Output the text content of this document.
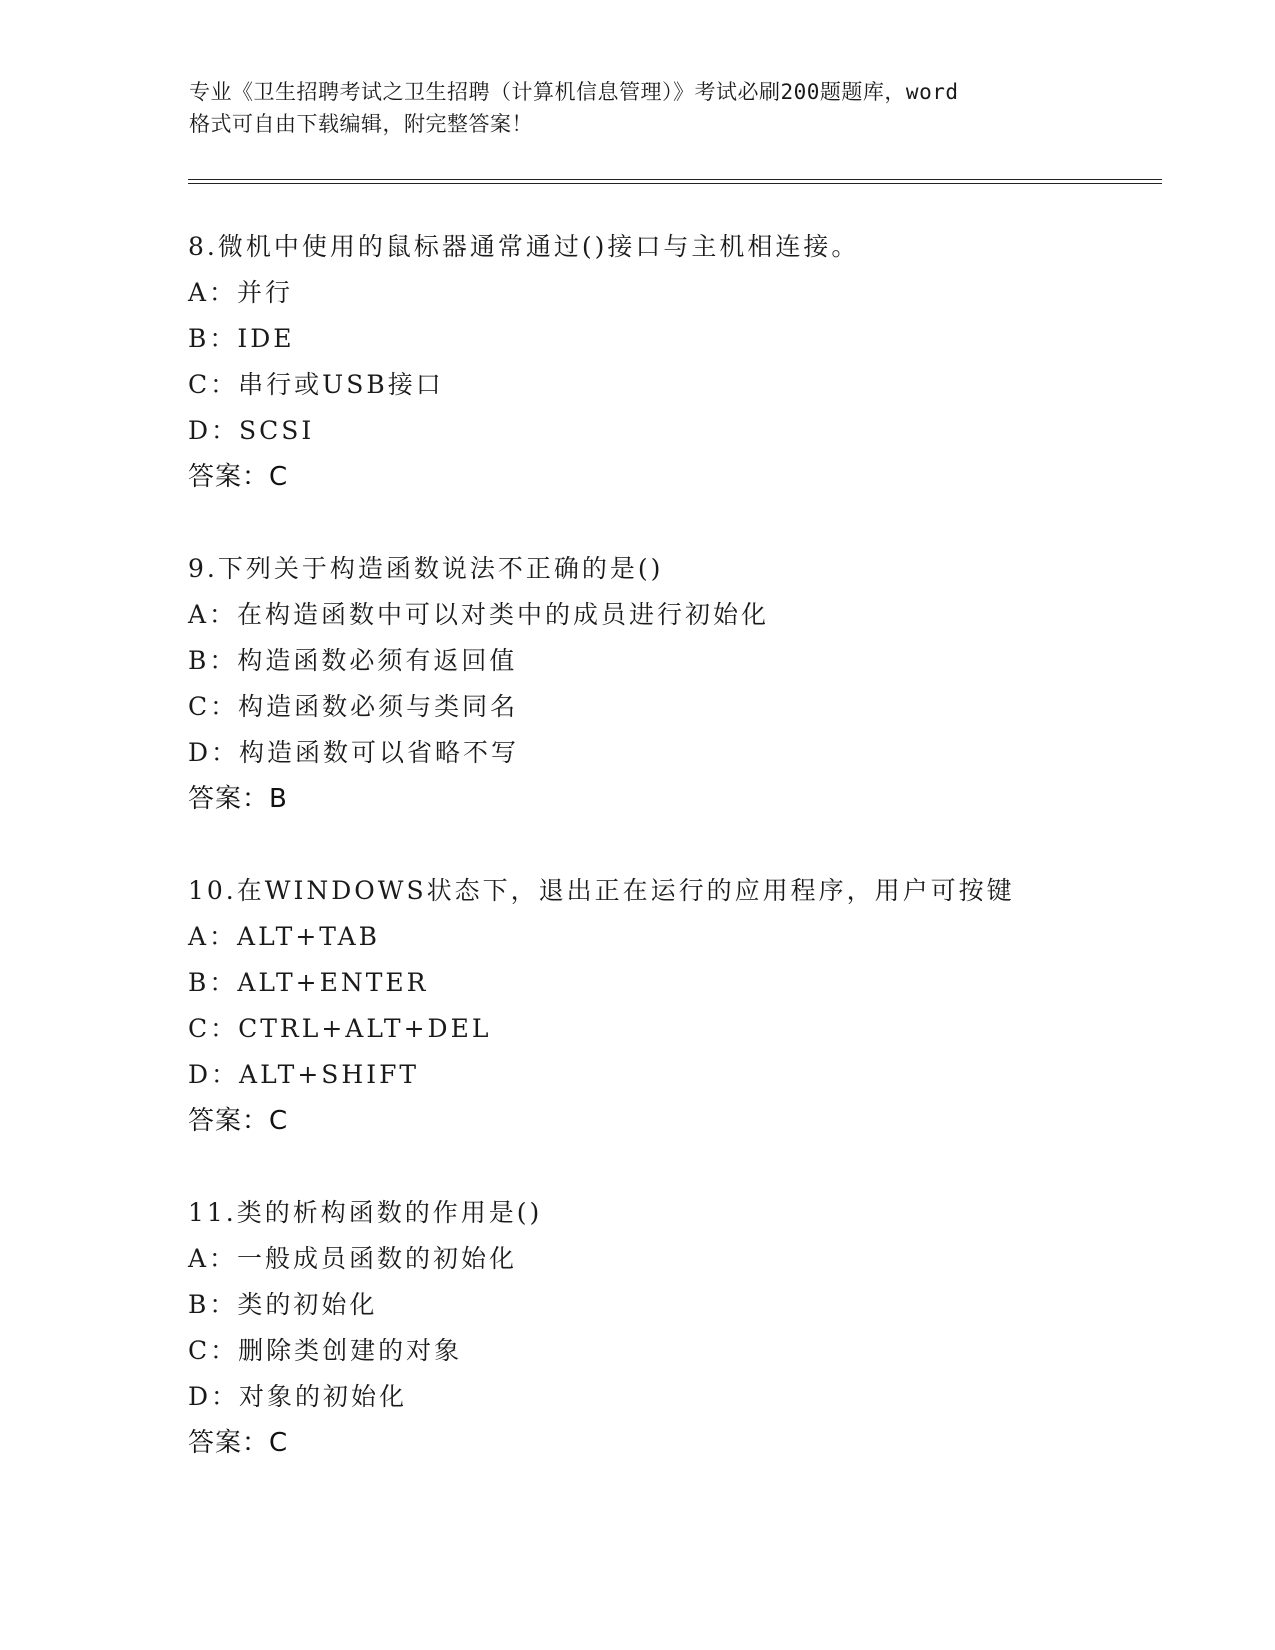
专业《卫生招聘考试之卫生招聘（计算机信息管理）》考试必刷200题题库，word
格式可自由下载编辑，附完整答案！
8.微机中使用的鼠标器通常通过()接口与主机相连接。
A：并行
B：IDE
C：串行或USB接口
D：SCSI
答案：C
9.下列关于构造函数说法不正确的是()
A：在构造函数中可以对类中的成员进行初始化
B：构造函数必须有返回值
C：构造函数必须与类同名
D：构造函数可以省略不写
答案：B
10.在WINDOWS状态下，退出正在运行的应用程序，用户可按键
A：ALT+TAB
B：ALT+ENTER
C：CTRL+ALT+DEL
D：ALT+SHIFT
答案：C
11.类的析构函数的作用是()
A：一般成员函数的初始化
B：类的初始化
C：删除类创建的对象
D：对象的初始化
答案：C
